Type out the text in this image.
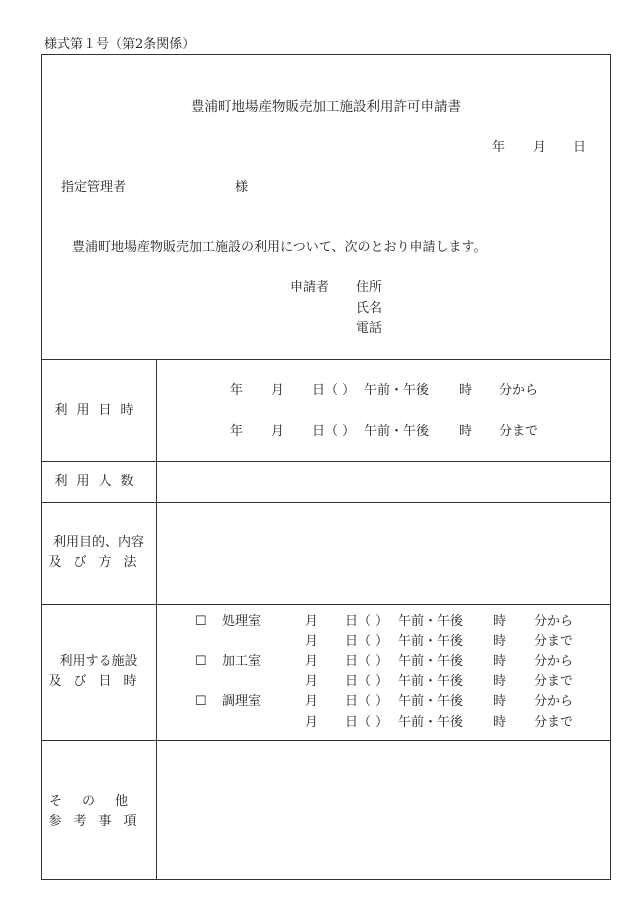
様式第１号（第2条関係）
豊浦町地場産物販売加工施設利用許可申請書
年 月 日
指定管理者	様
豊浦町地場産物販売加工施設の利用について、次のとおり申請します。
申請者 住所
氏名
電話
利用日時
年 月 日（ ） 午前・午後 時 分から
年 月 日（ ） 午前・午後 時 分まで
利用人数
利用目的、内容
及び方法
利用する施設
及び日時
☐ 処理室
☐ 加工室
☐ 調理室
月 日（ ） 午前・午後 時 分から
月 日（ ） 午前・午後 時 分まで
月 日（ ） 午前・午後 時 分から
月 日（ ） 午前・午後 時 分まで
月 日（ ） 午前・午後 時 分から
月 日（ ） 午前・午後 時 分まで
その他
参考事項
